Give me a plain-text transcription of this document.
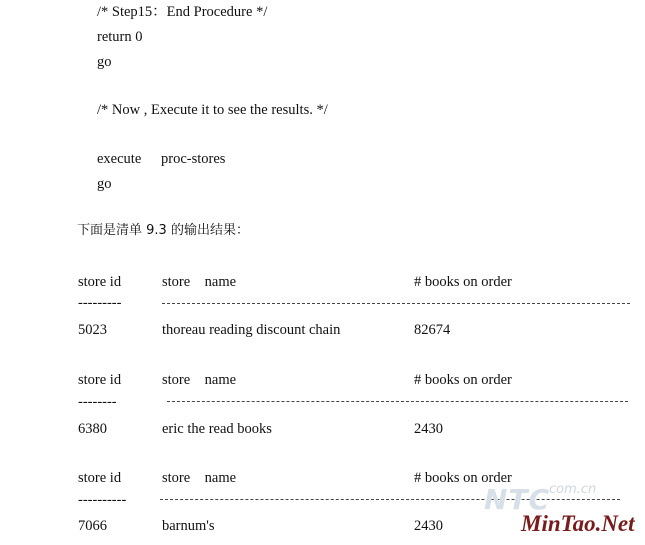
/* Step15：End Procedure */
return 0
go
/* Now , Execute it to see the results. */
execute proc-stores
go
下面是清单 9.3 的输出结果：
store id	store    name	# books on order
---------
5023	thoreau reading discount chain	82674
store id	store    name	# books on order
--------
6380	eric the read books	2430
store id	store    name	# books on order
----------
7066	barnum's	2430
NTC
com.cn
MinTao.Net
